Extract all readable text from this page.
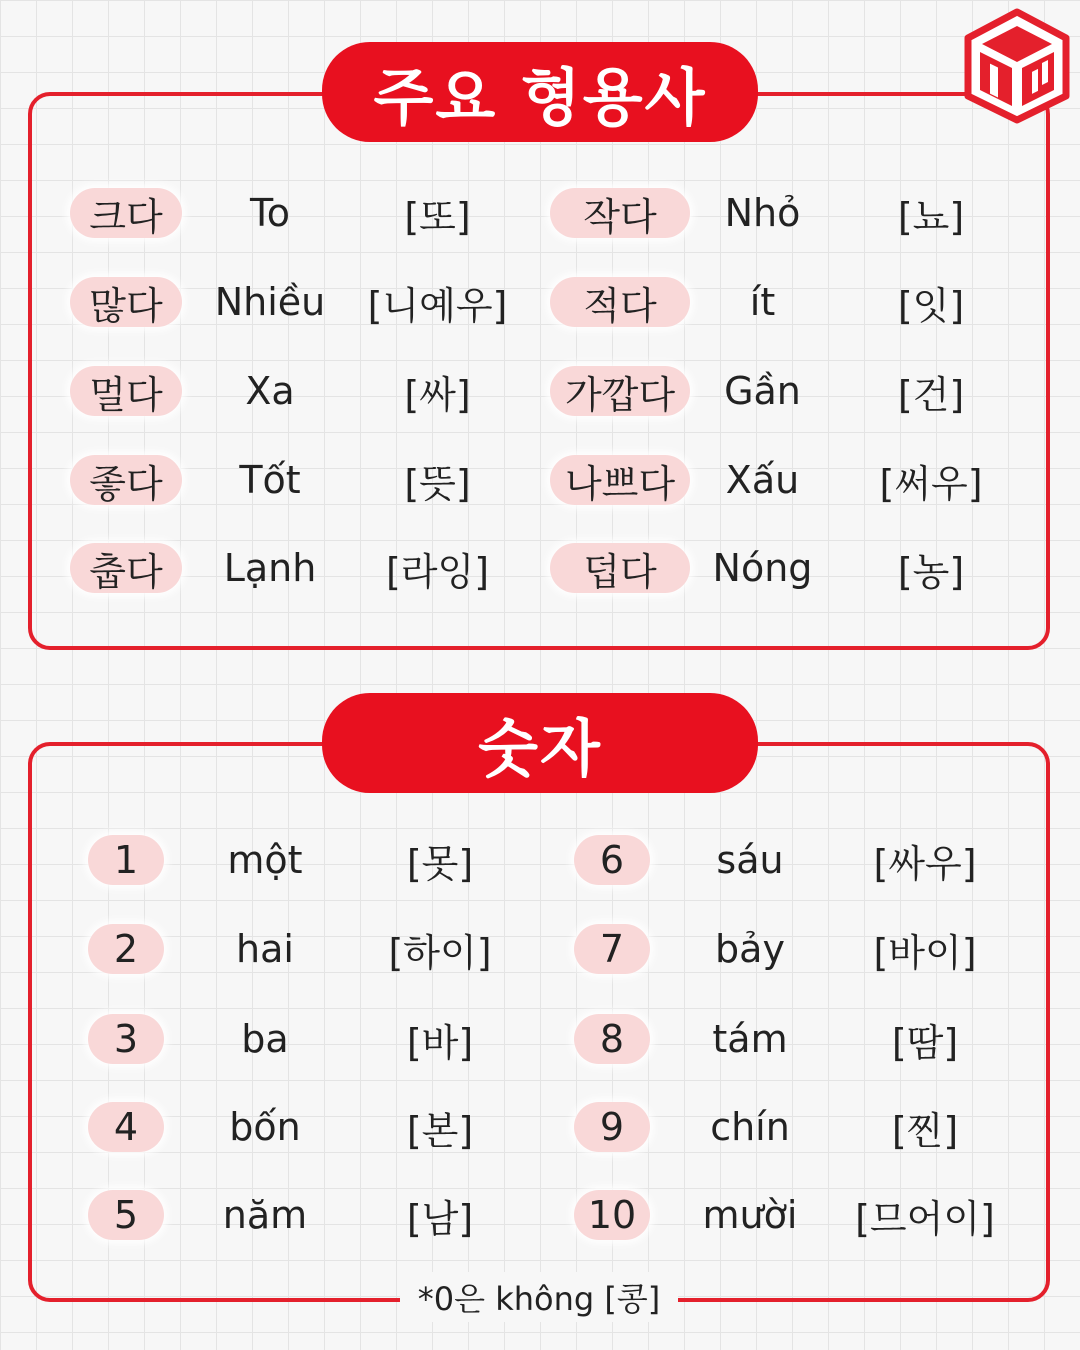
주요 형용사
크다	To	[또]	작다	Nhỏ	[뇨]
많다	Nhiều	[니예우]	적다	ít	[잇]
멀다	Xa	[싸]	가깝다	Gần	[건]
좋다	Tốt	[뜻]	나쁘다	Xấu	[써우]
춥다	Lạnh	[라잉]	덥다	Nóng	[농]
숫자
1	một	[못]	6	sáu	[싸우]
2	hai	[하이]	7	bảy	[바이]
3	ba	[바]	8	tám	[땀]
4	bốn	[본]	9	chín	[찐]
5	năm	[남]	10	mười	[므어이]
*0은 không [콩]
